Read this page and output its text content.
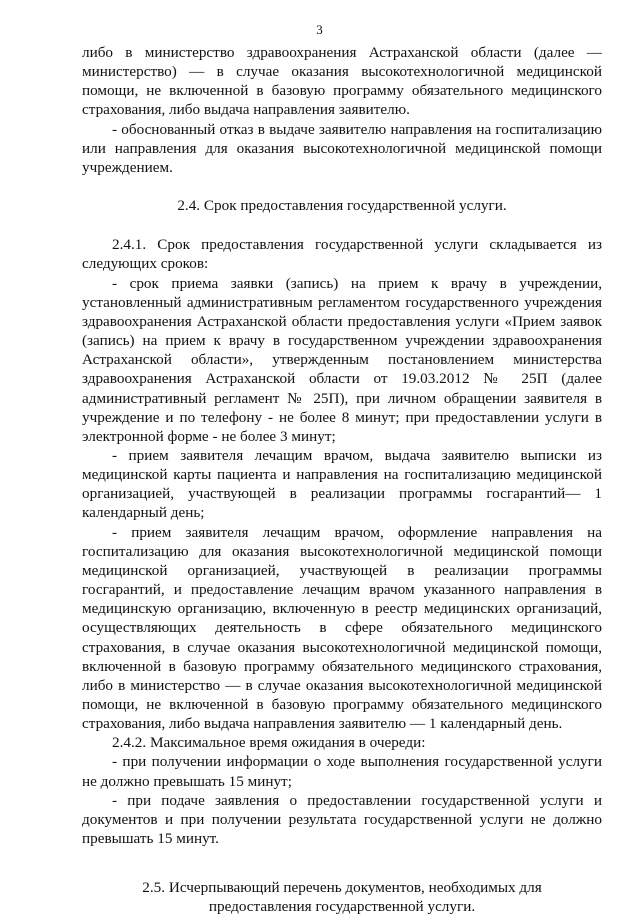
3

либо в министерство здравоохранения Астраханской области (далее — министерство) — в случае оказания высокотехнологичной медицинской помощи, не включенной в базовую программу обязательного медицинского страхования, либо выдача направления заявителю.

- обоснованный отказ в выдаче заявителю направления на госпитализацию или направления для оказания высокотехнологичной медицинской помощи учреждением.

2.4. Срок предоставления государственной услуги.

2.4.1. Срок предоставления государственной услуги складывается из следующих сроков:

- срок приема заявки (запись) на прием к врачу в учреждении, установленный административным регламентом государственного учреждения здравоохранения Астраханской области предоставления услуги «Прием заявок (запись) на прием к врачу в государственном учреждении здравоохранения Астраханской области», утвержденным постановлением министерства здравоохранения Астраханской области от 19.03.2012 № 25П (далее административный регламент № 25П), при личном обращении заявителя в учреждение и по телефону - не более 8 минут; при предоставлении услуги в электронной форме - не более 3 минут;

- прием заявителя лечащим врачом, выдача заявителю выписки из медицинской карты пациента и направления на госпитализацию медицинской организацией, участвующей в реализации программы госгарантий— 1 календарный день;

- прием заявителя лечащим врачом, оформление направления на госпитализацию для оказания высокотехнологичной медицинской помощи медицинской организацией, участвующей в реализации программы госгарантий, и предоставление лечащим врачом указанного направления в медицинскую организацию, включенную в реестр медицинских организаций, осуществляющих деятельность в сфере обязательного медицинского страхования, в случае оказания высокотехнологичной медицинской помощи, включенной в базовую программу обязательного медицинского страхования, либо в министерство — в случае оказания высокотехнологичной медицинской помощи, не включенной в базовую программу обязательного медицинского страхования, либо выдача направления заявителю — 1 календарный день.

2.4.2. Максимальное время ожидания в очереди:

- при получении информации о ходе выполнения государственной услуги не должно превышать 15 минут;

- при подаче заявления о предоставлении государственной услуги и документов и при получении результата государственной услуги не должно превышать 15 минут.

2.5. Исчерпывающий перечень документов, необходимых для

предоставления государственной услуги.
